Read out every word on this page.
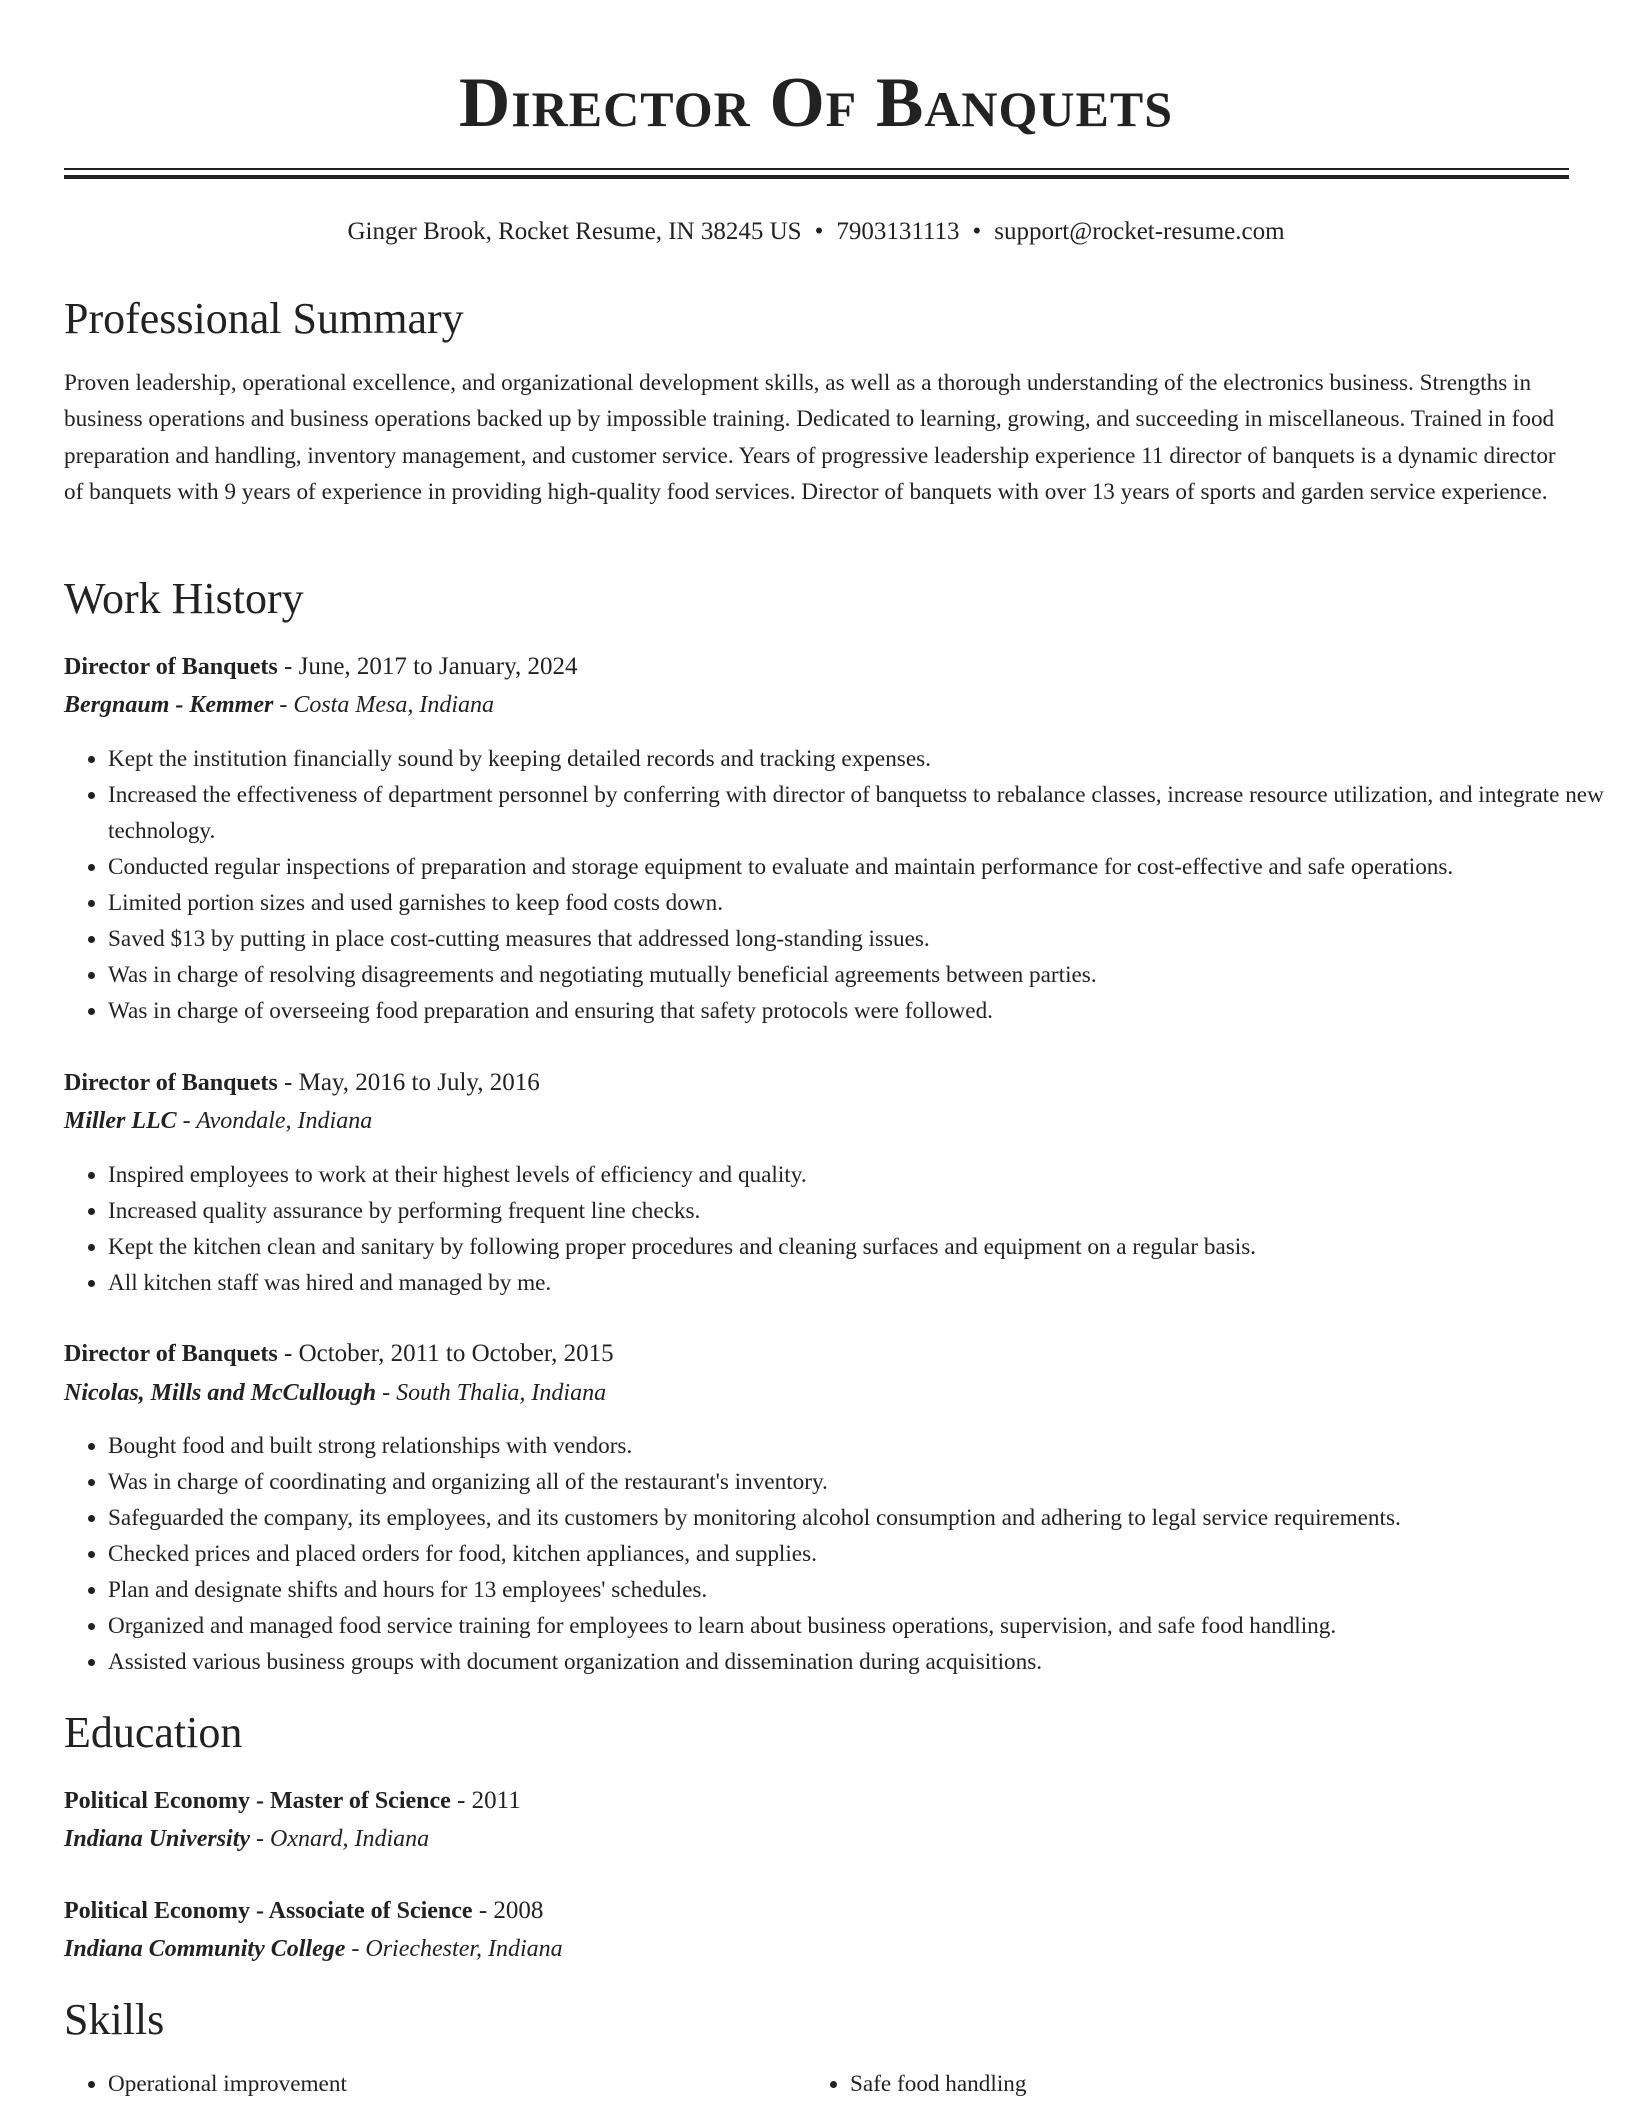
Director Of Banquets
Ginger Brook, Rocket Resume, IN 38245 US • 7903131113 • support@rocket-resume.com
Professional Summary

Proven leadership, operational excellence, and organizational development skills, as well as a thorough understanding of the electronics business. Strengths in business operations and business operations backed up by impossible training. Dedicated to learning, growing, and succeeding in miscellaneous. Trained in food preparation and handling, inventory management, and customer service. Years of progressive leadership experience 11 director of banquets is a dynamic director of banquets with 9 years of experience in providing high-quality food services. Director of banquets with over 13 years of sports and garden service experience.

Work History
Director of Banquets - June, 2017 to January, 2024
Bergnaum - Kemmer - Costa Mesa, Indiana
• Kept the institution financially sound by keeping detailed records and tracking expenses.
• Increased the effectiveness of department personnel by conferring with director of banquetss to rebalance classes, increase resource utilization, and integrate new technology.
• Conducted regular inspections of preparation and storage equipment to evaluate and maintain performance for cost-effective and safe operations.
• Limited portion sizes and used garnishes to keep food costs down.
• Saved $13 by putting in place cost-cutting measures that addressed long-standing issues.
• Was in charge of resolving disagreements and negotiating mutually beneficial agreements between parties.
• Was in charge of overseeing food preparation and ensuring that safety protocols were followed.
Director of Banquets - May, 2016 to July, 2016
Miller LLC - Avondale, Indiana
• Inspired employees to work at their highest levels of efficiency and quality.
• Increased quality assurance by performing frequent line checks.
• Kept the kitchen clean and sanitary by following proper procedures and cleaning surfaces and equipment on a regular basis.
• All kitchen staff was hired and managed by me.
Director of Banquets - October, 2011 to October, 2015
Nicolas, Mills and McCullough - South Thalia, Indiana
• Bought food and built strong relationships with vendors.
• Was in charge of coordinating and organizing all of the restaurant's inventory.
• Safeguarded the company, its employees, and its customers by monitoring alcohol consumption and adhering to legal service requirements.
• Checked prices and placed orders for food, kitchen appliances, and supplies.
• Plan and designate shifts and hours for 13 employees' schedules.
• Organized and managed food service training for employees to learn about business operations, supervision, and safe food handling.
• Assisted various business groups with document organization and dissemination during acquisitions.
Education
Political Economy - Master of Science - 2011
Indiana University - Oxnard, Indiana
Political Economy - Associate of Science - 2008
Indiana Community College - Oriechester, Indiana
Skills
• Operational improvement
•	Safe food handling
